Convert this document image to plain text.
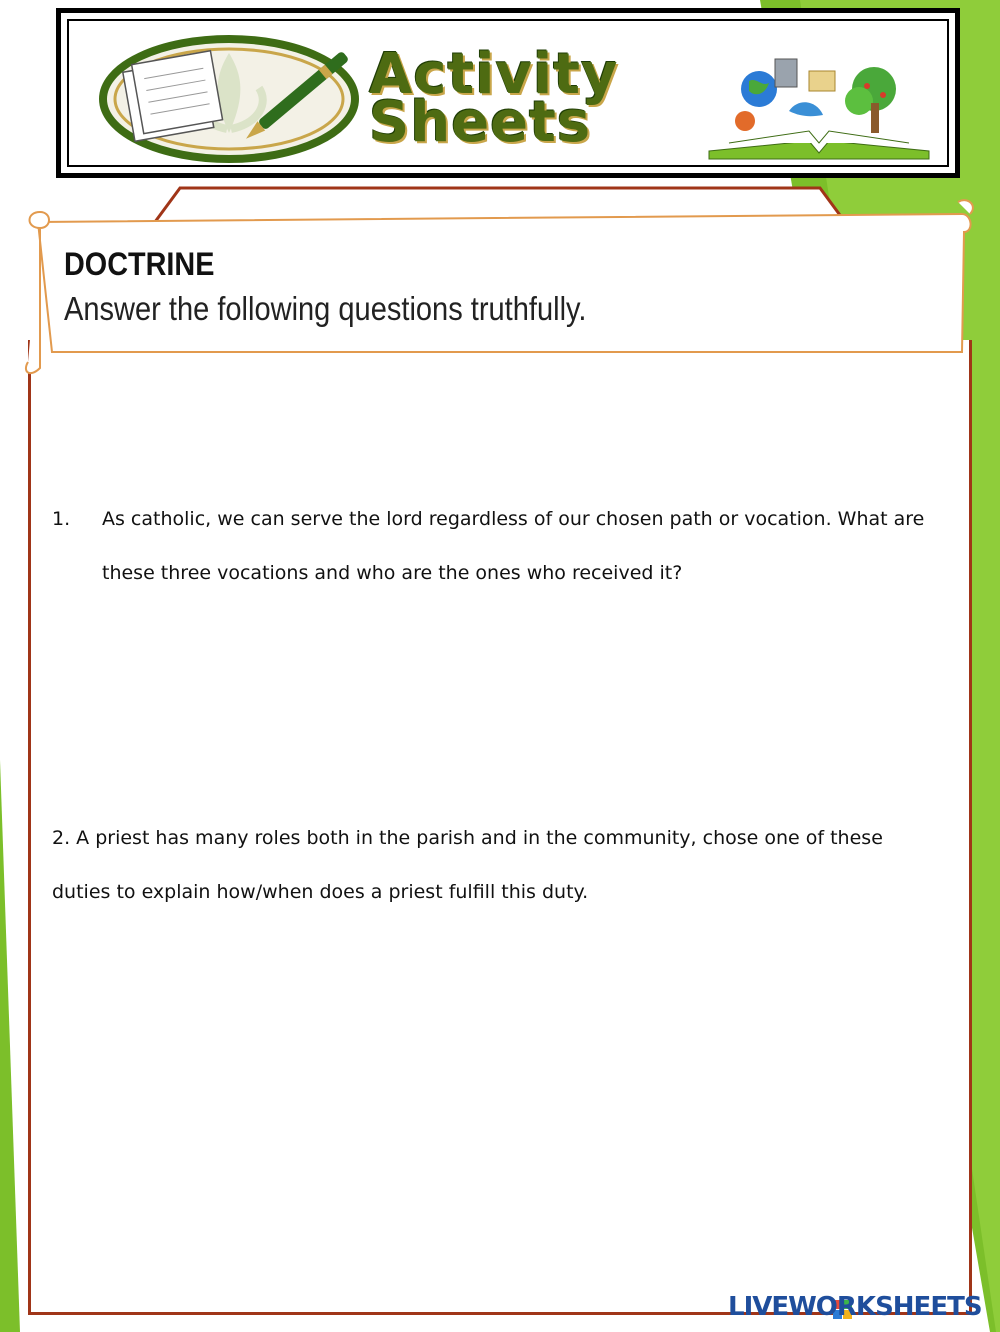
Activity
Sheets
DOCTRINE
Answer the following questions truthfully.
1. As catholic, we can serve the lord regardless of our chosen path or vocation. What are these three vocations and who are the ones who received it?
2. A priest has many roles both in the parish and in the community, chose one of these duties to explain how/when does a priest fulfill this duty.
LIVEWORKSHEETS
